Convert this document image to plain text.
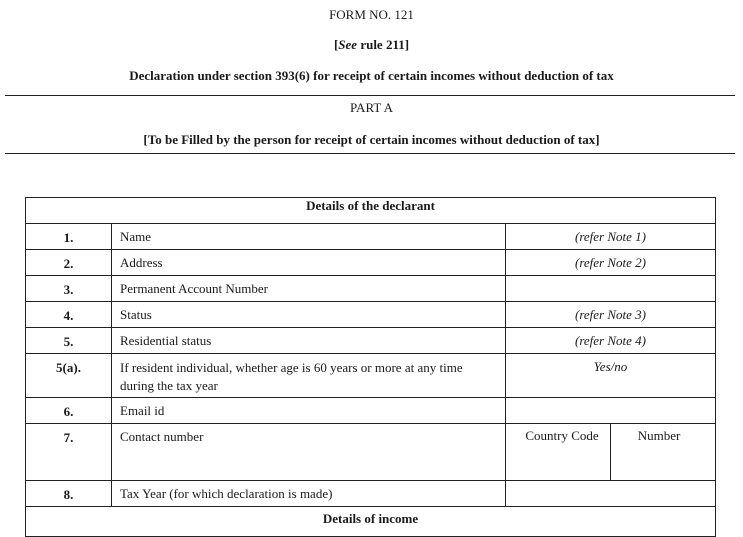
FORM NO. 121
[See rule 211]
Declaration under section 393(6) for receipt of certain incomes without deduction of tax
PART A
[To be Filled by the person for receipt of certain incomes without deduction of tax]
Details of the declarant		
1.	Name	(refer Note 1)
2.	Address	(refer Note 2)
3.	Permanent Account Number	
4.	Status	(refer Note 3)
5.	Residential status	(refer Note 4)
5(a).	If resident individual, whether age is 60 years or more at any time during the tax year	Yes/no
6.	Email id	
7.	Contact number	Country Code Number

8.	Tax Year (for which declaration is made)	
Details of income		
